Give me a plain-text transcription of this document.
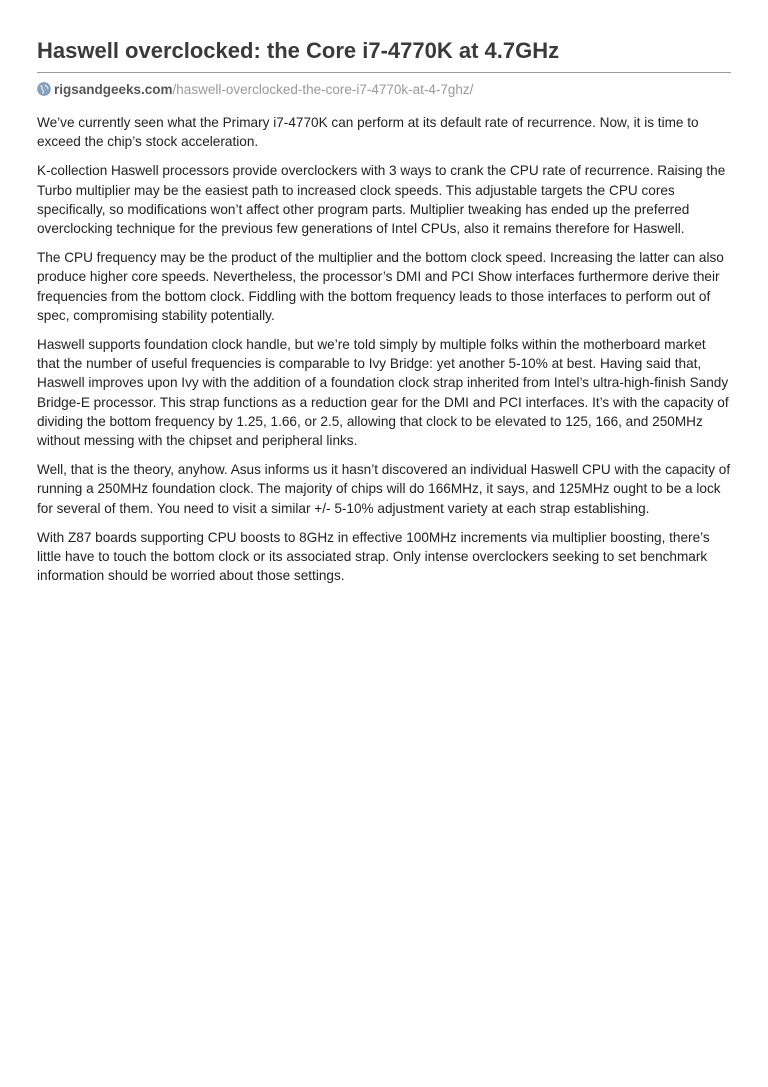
Haswell overclocked: the Core i7-4770K at 4.7GHz
rigsandgeeks.com /haswell-overclocked-the-core-i7-4770k-at-4-7ghz/

We’ve currently seen what the Primary i7-4770K can perform at its default rate of recurrence. Now, it is time to exceed the chip’s stock acceleration.

K-collection Haswell processors provide overclockers with 3 ways to crank the CPU rate of recurrence. Raising the Turbo multiplier may be the easiest path to increased clock speeds. This adjustable targets the CPU cores specifically, so modifications won’t affect other program parts. Multiplier tweaking has ended up the preferred overclocking technique for the previous few generations of Intel CPUs, also it remains therefore for Haswell.

The CPU frequency may be the product of the multiplier and the bottom clock speed. Increasing the latter can also produce higher core speeds. Nevertheless, the processor’s DMI and PCI Show interfaces furthermore derive their frequencies from the bottom clock. Fiddling with the bottom frequency leads to those interfaces to perform out of spec, compromising stability potentially.

Haswell supports foundation clock handle, but we’re told simply by multiple folks within the motherboard market that the number of useful frequencies is comparable to Ivy Bridge: yet another 5-10% at best. Having said that, Haswell improves upon Ivy with the addition of a foundation clock strap inherited from Intel’s ultra-high-finish Sandy Bridge-E processor. This strap functions as a reduction gear for the DMI and PCI interfaces. It’s with the capacity of dividing the bottom frequency by 1.25, 1.66, or 2.5, allowing that clock to be elevated to 125, 166, and 250MHz without messing with the chipset and peripheral links.

Well, that is the theory, anyhow. Asus informs us it hasn’t discovered an individual Haswell CPU with the capacity of running a 250MHz foundation clock. The majority of chips will do 166MHz, it says, and 125MHz ought to be a lock for several of them. You need to visit a similar +/- 5-10% adjustment variety at each strap establishing.

With Z87 boards supporting CPU boosts to 8GHz in effective 100MHz increments via multiplier boosting, there’s little have to touch the bottom clock or its associated strap. Only intense overclockers seeking to set benchmark information should be worried about those settings.
